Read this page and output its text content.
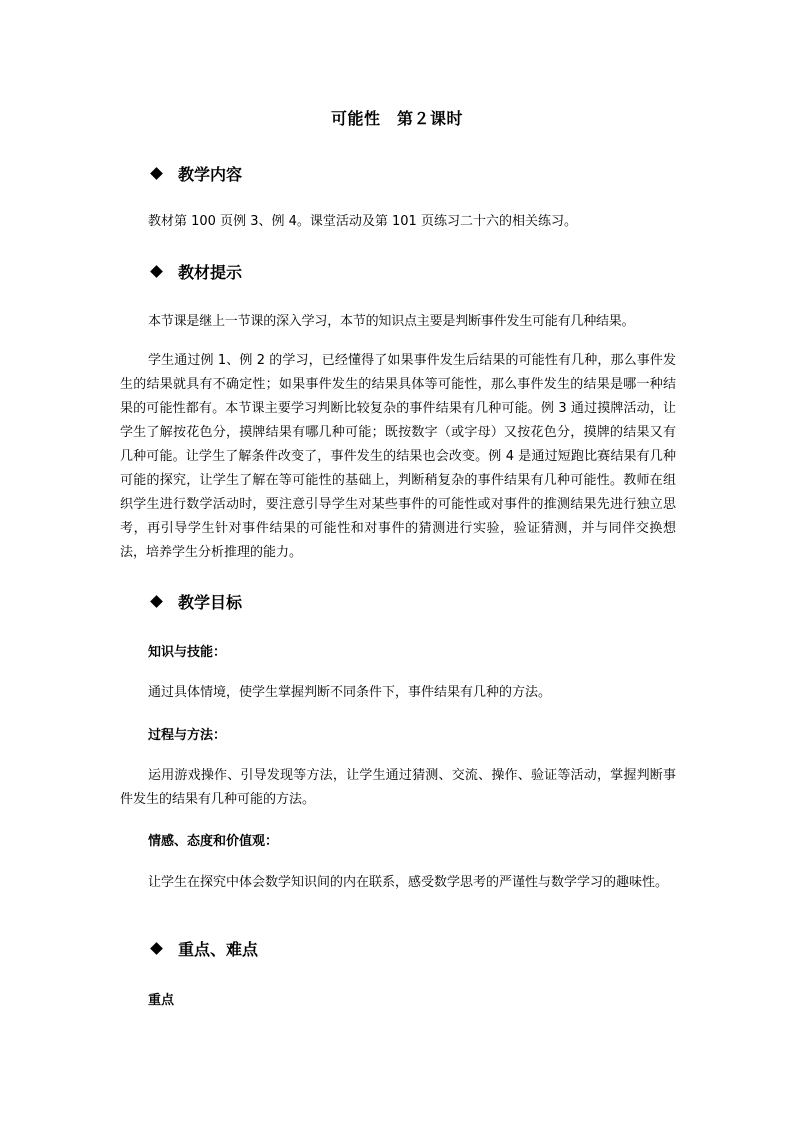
可能性　第２课时
教学内容

教材第 100 页例 3、例 4。课堂活动及第 101 页练习二十六的相关练习。

教材提示

本节课是继上一节课的深入学习，本节的知识点主要是判断事件发生可能有几种结果。

学生通过例 1、例 2 的学习，已经懂得了如果事件发生后结果的可能性有几种，那么事件发生的结果就具有不确定性；如果事件发生的结果具体等可能性，那么事件发生的结果是哪一种结果的可能性都有。本节课主要学习判断比较复杂的事件结果有几种可能。例 3 通过摸牌活动，让学生了解按花色分，摸牌结果有哪几种可能；既按数字（或字母）又按花色分，摸牌的结果又有几种可能。让学生了解条件改变了，事件发生的结果也会改变。例 4 是通过短跑比赛结果有几种可能的探究，让学生了解在等可能性的基础上，判断稍复杂的事件结果有几种可能性。教师在组织学生进行数学活动时，要注意引导学生对某些事件的可能性或对事件的推测结果先进行独立思考，再引导学生针对事件结果的可能性和对事件的猜测进行实验，验证猜测，并与同伴交换想法，培养学生分析推理的能力。

教学目标
知识与技能：

通过具体情境，使学生掌握判断不同条件下，事件结果有几种的方法。

过程与方法：

运用游戏操作、引导发现等方法，让学生通过猜测、交流、操作、验证等活动，掌握判断事件发生的结果有几种可能的方法。

情感、态度和价值观：

让学生在探究中体会数学知识间的内在联系，感受数学思考的严谨性与数学学习的趣味性。

重点、难点
重点
